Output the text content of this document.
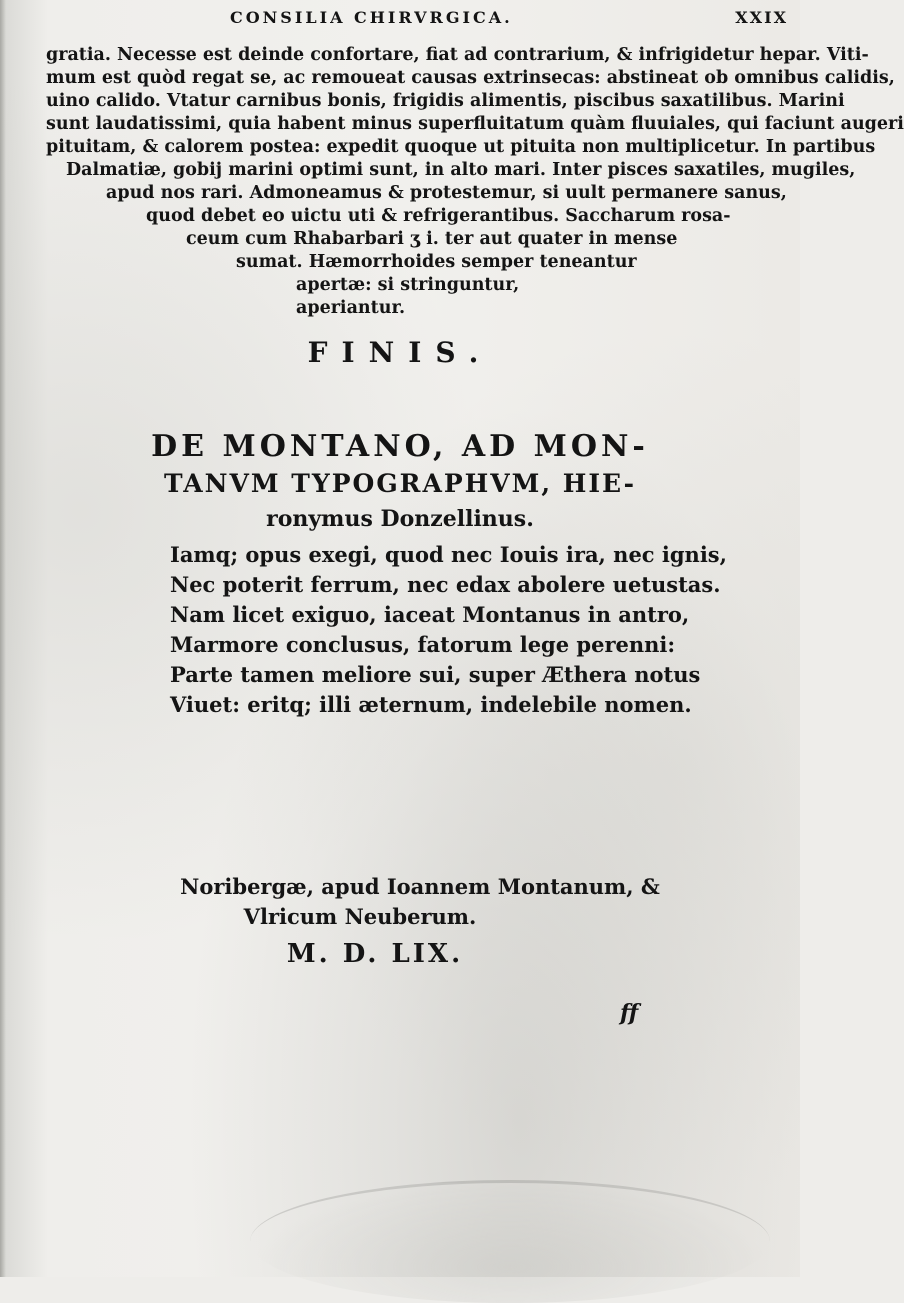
CONSILIA CHIRVRGICA.	XXIX
gratia. Necesse est deinde confortare, fiat ad contrarium, & infrigidetur hepar. Viti-
mum est quòd regat se, ac remoueat causas extrinsecas: abstineat ob omnibus calidis,
uino calido. Vtatur carnibus bonis, frigidis alimentis, piscibus saxatilibus. Marini
sunt laudatissimi, quia habent minus superfluitatum quàm fluuiales, qui faciunt augeri
pituitam, & calorem postea: expedit quoque ut pituita non multiplicetur. In partibus
Dalmatiæ, gobij marini optimi sunt, in alto mari. Inter pisces saxatiles, mugiles,
apud nos rari. Admoneamus & protestemur, si uult permanere sanus,
quod debet eo uictu uti & refrigerantibus. Saccharum rosa-
ceum cum Rhabarbari ʒ i. ter aut quater in mense
sumat. Hæmorrhoides semper teneantur
apertæ: si stringuntur,
aperiantur.
FINIS.
DE MONTANO, AD MON-
TANVM TYPOGRAPHVM, HIE-
ronymus Donzellinus.
Iamq; opus exegi, quod nec Iouis ira, nec ignis,
Nec poterit ferrum, nec edax abolere uetustas.
Nam licet exiguo, iaceat Montanus in antro,
Marmore conclusus, fatorum lege perenni:
Parte tamen meliore sui, super Æthera notus
Viuet: eritq; illi æternum, indelebile nomen.
Noribergæ, apud Ioannem Montanum, &
Vlricum Neuberum.
M. D. LIX.
ff
